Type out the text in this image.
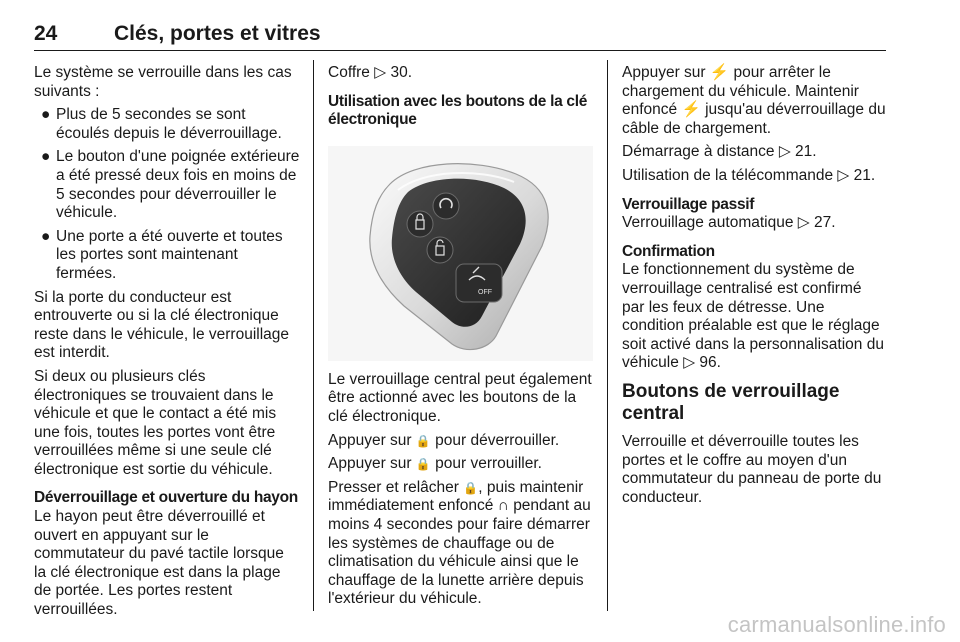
24	Clés, portes et vitres

Le système se verrouille dans les cas suivants :

● Plus de 5 secondes se sont écoulés depuis le déverrouillage.
● Le bouton d'une poignée extérieure a été pressé deux fois en moins de 5 secondes pour déverrouiller le véhicule.
● Une porte a été ouverte et toutes les portes sont maintenant fermées.

Si la porte du conducteur est entrouverte ou si la clé électronique reste dans le véhicule, le verrouillage est interdit.

Si deux ou plusieurs clés électroniques se trouvaient dans le véhicule et que le contact a été mis une fois, toutes les portes vont être verrouillées même si une seule clé électronique est sortie du véhicule.

Déverrouillage et ouverture du hayon

Le hayon peut être déverrouillé et ouvert en appuyant sur le commutateur du pavé tactile lorsque la clé électronique est dans la plage de portée. Les portes restent verrouillées.

Coffre ▷ 30.

Utilisation avec les boutons de la clé électronique

OFF

Le verrouillage central peut également être actionné avec les boutons de la clé électronique.

Appuyer sur 🔒 pour déverrouiller.

Appuyer sur 🔒 pour verrouiller.

Presser et relâcher 🔒, puis maintenir immédiatement enfoncé ∩ pendant au moins 4 secondes pour faire démarrer les systèmes de chauffage ou de climatisation du véhicule ainsi que le chauffage de la lunette arrière depuis l'extérieur du véhicule.

Appuyer sur ⚡ pour arrêter le chargement du véhicule. Maintenir enfoncé ⚡ jusqu'au déverrouillage du câble de chargement.

Démarrage à distance ▷ 21.

Utilisation de la télécommande ▷ 21.

Verrouillage passif

Verrouillage automatique ▷ 27.

Confirmation

Le fonctionnement du système de verrouillage centralisé est confirmé par les feux de détresse. Une condition préalable est que le réglage soit activé dans la personnalisation du véhicule ▷ 96.

Boutons de verrouillage central

Verrouille et déverrouille toutes les portes et le coffre au moyen d'un commutateur du panneau de porte du conducteur.

carmanualsonline.info
